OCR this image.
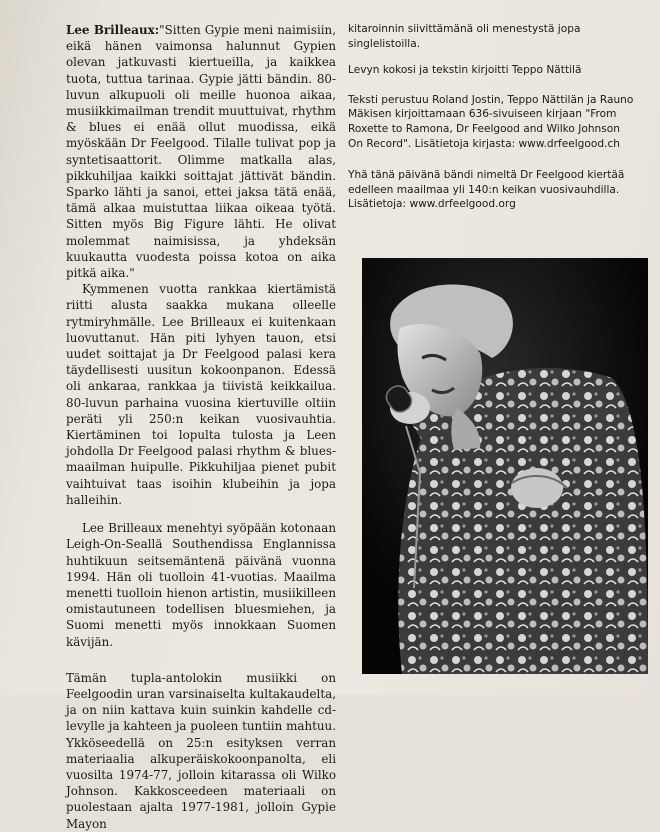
Lee Brilleaux:"Sitten Gypie meni naimisiin, eikä hänen vaimonsa halunnut Gypien olevan jatkuvasti kiertueilla, ja kaikkea tuota, tuttua tarinaa. Gypie jätti bändin. 80-luvun alkupuoli oli meille huonoa aikaa, musiikkimailman trendit muuttuivat, rhythm & blues ei enää ollut muodissa, eikä myöskään Dr Feelgood. Tilalle tulivat pop ja syntetisaattorit. Olimme matkalla alas, pikkuhiljaa kaikki soittajat jättivät bändin. Sparko lähti ja sanoi, ettei jaksa tätä enää, tämä alkaa muistuttaa liikaa oikeaa työtä. Sitten myös Big Figure lähti. He olivat molemmat naimisissa, ja yhdeksän kuukautta vuodesta poissa kotoa on aika pitkä aika."

Kymmenen vuotta rankkaa kiertämistä riitti alusta saakka mukana olleelle rytmiryhmälle. Lee Brilleaux ei kuitenkaan luovuttanut. Hän piti lyhyen tauon, etsi uudet soittajat ja Dr Feelgood palasi kera täydellisesti uusitun kokoonpanon. Edessä oli ankaraa, rankkaa ja tiivistä keikkailua. 80-luvun parhaina vuosina kiertuville oltiin peräti yli 250:n keikan vuosivauhtia. Kiertäminen toi lopulta tulosta ja Leen johdolla Dr Feelgood palasi rhythm & blues-maailman huipulle. Pikkuhiljaa pienet pubit vaihtuivat taas isoihin klubeihin ja jopa halleihin.

Lee Brilleaux menehtyi syöpään kotonaan Leigh-On-Seallä Southendissa Englannissa huhtikuun seitsemäntenä päivänä vuonna 1994. Hän oli tuolloin 41-vuotias. Maailma menetti tuolloin hienon artistin, musiikilleen omistautuneen todellisen bluesmiehen, ja Suomi menetti myös innokkaan Suomen kävijän.

Tämän tupla-antolokin musiikki on Feelgoodin uran varsinaiselta kultakaudelta, ja on niin kattava kuin suinkin kahdelle cd-levylle ja kahteen ja puoleen tuntiin mahtuu. Ykköseedellä on 25:n esityksen verran materiaalia alkuperäiskokoonpanolta, eli vuosilta 1974-77, jolloin kitarassa oli Wilko Johnson. Kakkosceedeen materiaali on puolestaan ajalta 1977-1981, jolloin Gypie Mayon

kitaroinnin siivittämänä oli menestystä jopa singlelistoilla.

Levyn kokosi ja tekstin kirjoitti Teppo Nättilä

Teksti perustuu Roland Jostin, Teppo Nättilän ja Rauno Mäkisen kirjoittamaan 636-sivuiseen kirjaan "From Roxette to Ramona, Dr Feelgood and Wilko Johnson On Record". Lisätietoja kirjasta: www.drfeelgood.ch

Yhä tänä päivänä bändi nimeltä Dr Feelgood kiertää edelleen maailmaa yli 140:n keikan vuosivauhdilla. Lisätietoja: www.drfeelgood.org
